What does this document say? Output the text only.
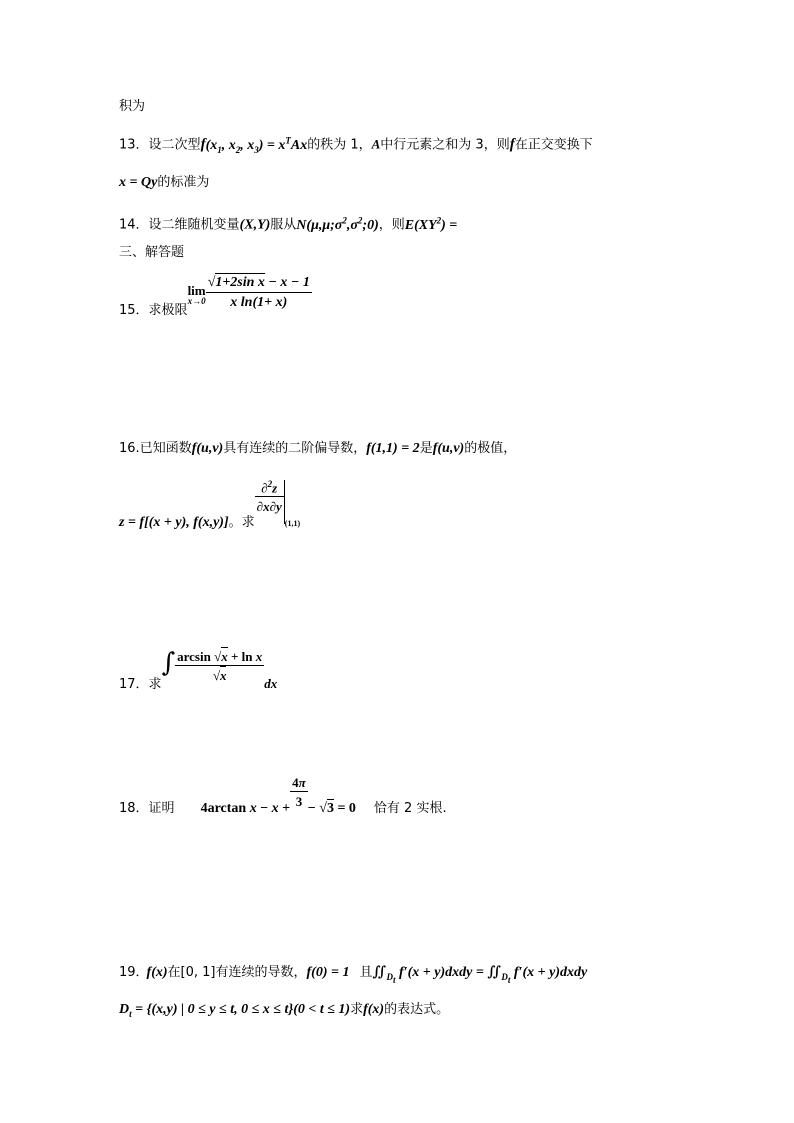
积为
13．设二次型$f(x_1$, $x_2$, $x_3) = x^TAx$的秩为 1，A中行元素之和为 3，则f在正交变换下
x = Qy的标准为
14．设二维随机变量(X,Y)服从$N(\mu,\mu;\sigma^2,\sigma^2;0)$，则$E(XY^2)$ =
三、解答题
15．求极限
lim
$x\to 0 \frac{\text{√1+2sin x − x − 1}}{\text{x ln(1+ x)}}$
16.已知函数f(u,v)具有连续的二阶偏导数，f(1,1) = 2是f(u,v)的极值，
z = f[(x + y), f(x,y)]。求
$\frac{\partial^2z}{\partial x\partial y}$
(1,1)
17．求∫ $\frac{\text{arcsin √x + ln x}}{√x}$
dx
18．证明 4arctan x − x +
$\frac{4\pi}{3}$
− √3 = 0 恰有 2 实根.
19．f(x)在[0, 1]有连续的导数，f(0) = 1 且$∬_{D_t}$ f′(x + y)dxdy = $∬_{D_t}$ f′(x + y)dxdy
$D_t = \{(x,y)$ | 0 ≤ y ≤ t, 0 ≤ x ≤ t}(0 < t ≤ 1)求f(x)的表达式。
